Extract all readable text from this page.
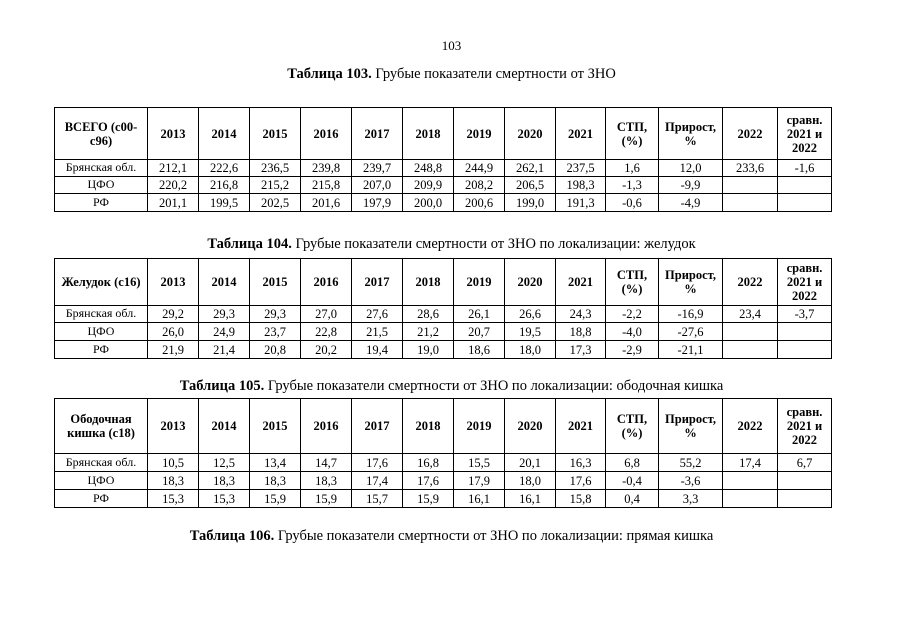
103
Таблица 103. Грубые показатели смертности от ЗНО
ВСЕГО (с00-с96)	2013	2014	2015	2016	2017	2018	2019	2020	2021	СТП, (%)	Прирост, %	2022	сравн. 2021 и 2022
Брянская обл.	212,1	222,6	236,5	239,8	239,7	248,8	244,9	262,1	237,5	1,6	12,0	233,6	-1,6
ЦФО	220,2	216,8	215,2	215,8	207,0	209,9	208,2	206,5	198,3	-1,3	-9,9		
РФ	201,1	199,5	202,5	201,6	197,9	200,0	200,6	199,0	191,3	-0,6	-4,9		
Таблица 104. Грубые показатели смертности от ЗНО по локализации: желудок
Желудок (с16)	2013	2014	2015	2016	2017	2018	2019	2020	2021	СТП, (%)	Прирост, %	2022	сравн. 2021 и 2022
Брянская обл.	29,2	29,3	29,3	27,0	27,6	28,6	26,1	26,6	24,3	-2,2	-16,9	23,4	-3,7
ЦФО	26,0	24,9	23,7	22,8	21,5	21,2	20,7	19,5	18,8	-4,0	-27,6		
РФ	21,9	21,4	20,8	20,2	19,4	19,0	18,6	18,0	17,3	-2,9	-21,1		
Таблица 105. Грубые показатели смертности от ЗНО по локализации: ободочная кишка
Ободочная кишка (с18)	2013	2014	2015	2016	2017	2018	2019	2020	2021	СТП, (%)	Прирост, %	2022	сравн. 2021 и 2022
Брянская обл.	10,5	12,5	13,4	14,7	17,6	16,8	15,5	20,1	16,3	6,8	55,2	17,4	6,7
ЦФО	18,3	18,3	18,3	18,3	17,4	17,6	17,9	18,0	17,6	-0,4	-3,6		
РФ	15,3	15,3	15,9	15,9	15,7	15,9	16,1	16,1	15,8	0,4	3,3		
Таблица 106. Грубые показатели смертности от ЗНО по локализации: прямая кишка
